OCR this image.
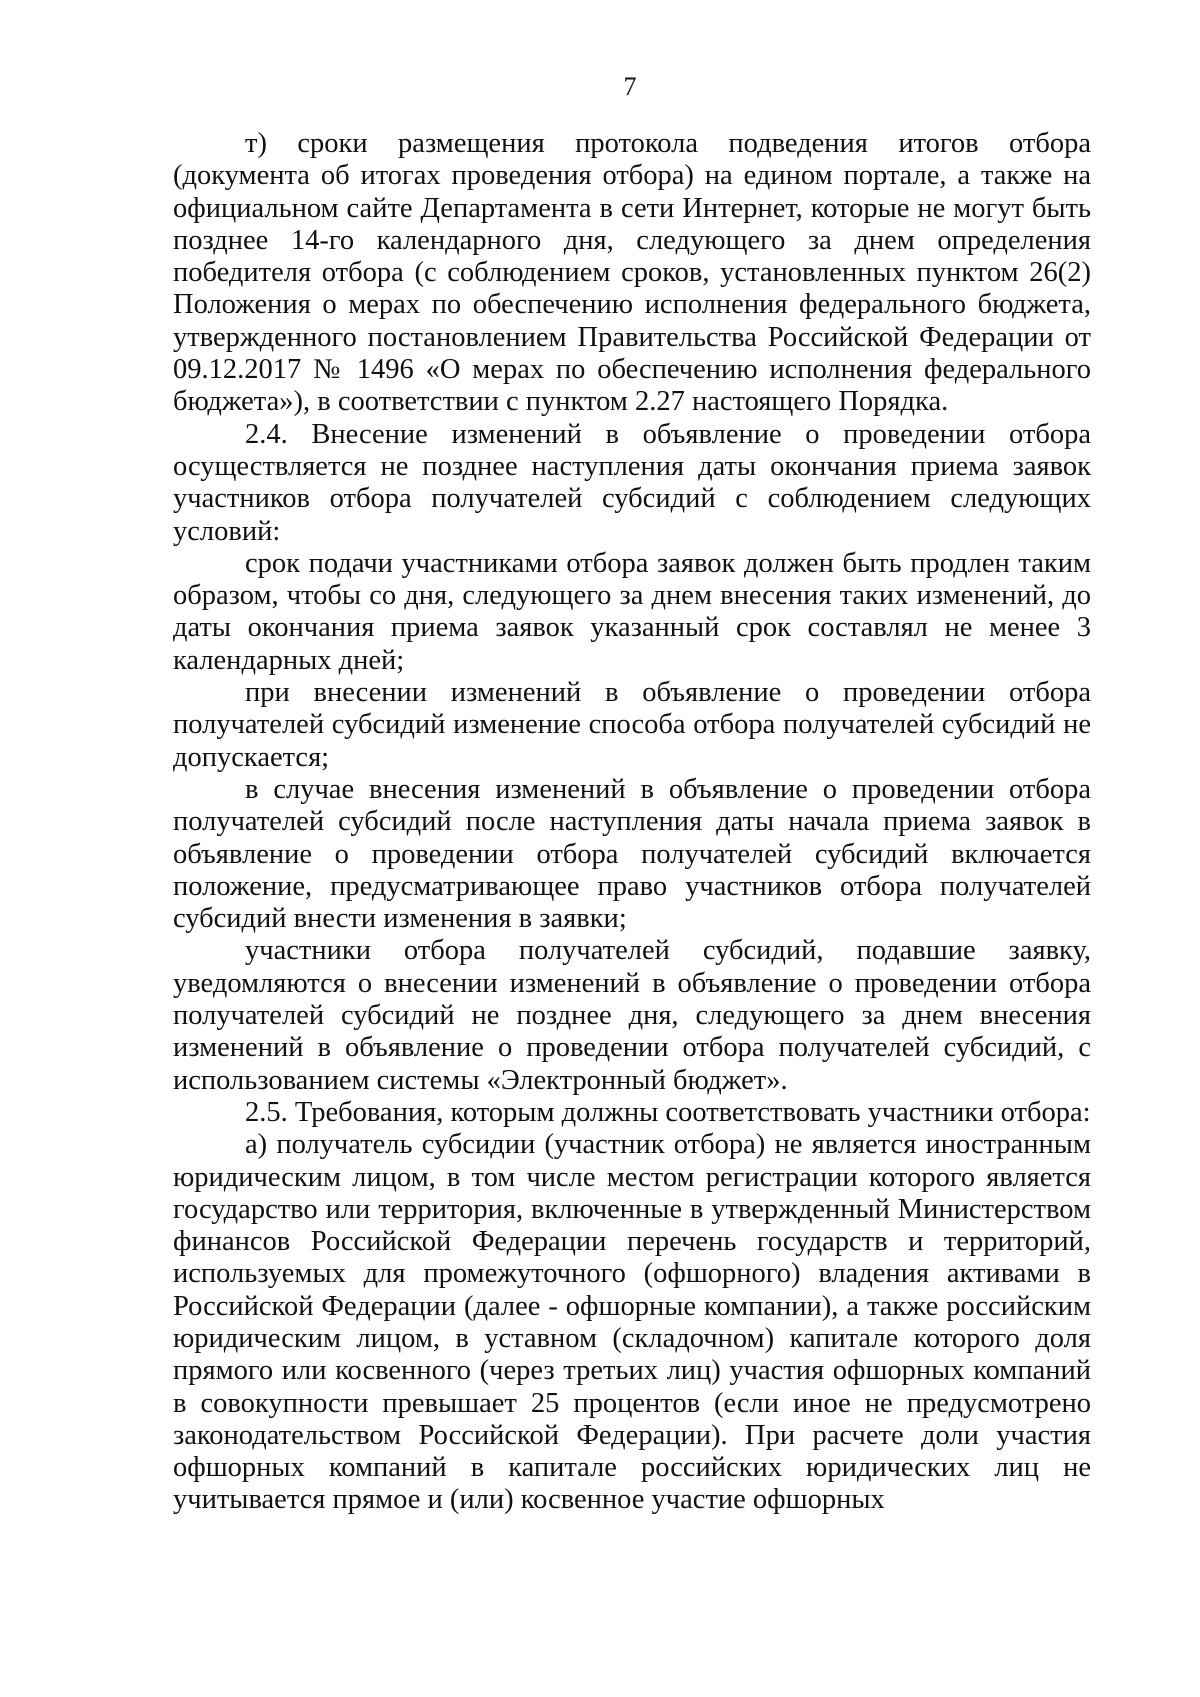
7

т) сроки размещения протокола подведения итогов отбора (документа об итогах проведения отбора) на едином портале, а также на официальном сайте Департамента в сети Интернет, которые не могут быть позднее 14-го календарного дня, следующего за днем определения победителя отбора (с соблюдением сроков, установленных пунктом 26(2) Положения о мерах по обеспечению исполнения федерального бюджета, утвержденного постановлением Правительства Российской Федерации от 09.12.2017 № 1496 «О мерах по обеспечению исполнения федерального бюджета»), в соответствии с пунктом 2.27 настоящего Порядка.

2.4. Внесение изменений в объявление о проведении отбора осуществляется не позднее наступления даты окончания приема заявок участников отбора получателей субсидий с соблюдением следующих условий:

срок подачи участниками отбора заявок должен быть продлен таким образом, чтобы со дня, следующего за днем внесения таких изменений, до даты окончания приема заявок указанный срок составлял не менее 3 календарных дней;

при внесении изменений в объявление о проведении отбора получателей субсидий изменение способа отбора получателей субсидий не допускается;

в случае внесения изменений в объявление о проведении отбора получателей субсидий после наступления даты начала приема заявок в объявление о проведении отбора получателей субсидий включается положение, предусматривающее право участников отбора получателей субсидий внести изменения в заявки;

участники отбора получателей субсидий, подавшие заявку, уведомляются о внесении изменений в объявление о проведении отбора получателей субсидий не позднее дня, следующего за днем внесения изменений в объявление о проведении отбора получателей субсидий, с использованием системы «Электронный бюджет».

2.5. Требования, которым должны соответствовать участники отбора:

а) получатель субсидии (участник отбора) не является иностранным юридическим лицом, в том числе местом регистрации которого является государство или территория, включенные в утвержденный Министерством финансов Российской Федерации перечень государств и территорий, используемых для промежуточного (офшорного) владения активами в Российской Федерации (далее - офшорные компании), а также российским юридическим лицом, в уставном (складочном) капитале которого доля прямого или косвенного (через третьих лиц) участия офшорных компаний в совокупности превышает 25 процентов (если иное не предусмотрено законодательством Российской Федерации). При расчете доли участия офшорных компаний в капитале российских юридических лиц не учитывается прямое и (или) косвенное участие офшорных
